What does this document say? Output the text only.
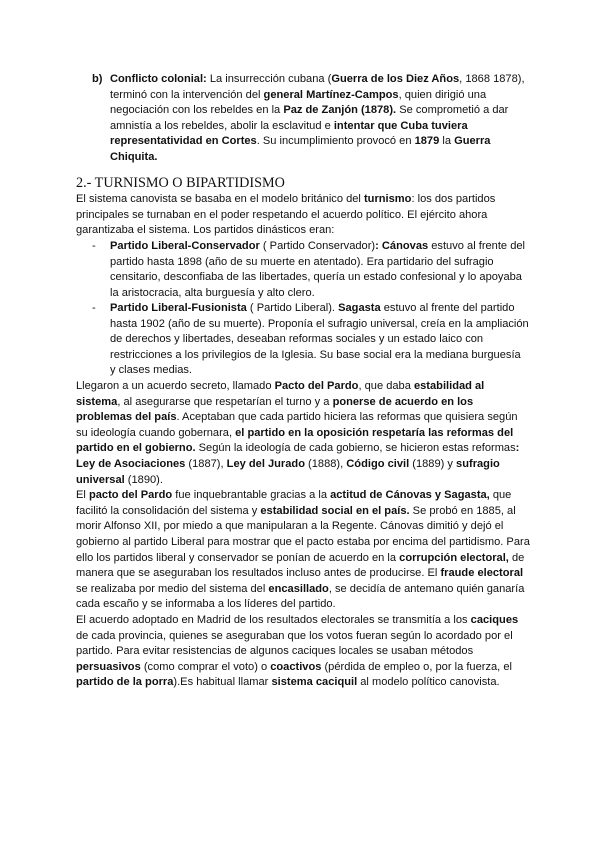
b) Conflicto colonial: La insurrección cubana (Guerra de los Diez Años, 1868 1878),
terminó con la intervención del general Martínez-Campos, quien dirigió una
negociación con los rebeldes en la Paz de Zanjón (1878). Se comprometió a dar
amnistía a los rebeldes, abolir la esclavitud e intentar que Cuba tuviera
representatividad en Cortes. Su incumplimiento provocó en 1879 la Guerra
Chiquita.
2.- TURNISMO O BIPARTIDISMO
El sistema canovista se basaba en el modelo británico del turnismo: los dos partidos
principales se turnaban en el poder respetando el acuerdo político. El ejército ahora
garantizaba el sistema. Los partidos dinásticos eran:
- Partido Liberal-Conservador ( Partido Conservador): Cánovas estuvo al frente del
partido hasta 1898 (año de su muerte en atentado). Era partidario del sufragio
censitario, desconfiaba de las libertades, quería un estado confesional y lo apoyaba
la aristocracia, alta burguesía y alto clero.
- Partido Liberal-Fusionista ( Partido Liberal). Sagasta estuvo al frente del partido
hasta 1902 (año de su muerte). Proponía el sufragio universal, creía en la ampliación
de derechos y libertades, deseaban reformas sociales y un estado laico con
restricciones a los privilegios de la Iglesia. Su base social era la mediana burguesía
y clases medias.
Llegaron a un acuerdo secreto, llamado Pacto del Pardo, que daba estabilidad al
sistema, al asegurarse que respetarían el turno y a ponerse de acuerdo en los
problemas del país. Aceptaban que cada partido hiciera las reformas que quisiera según
su ideología cuando gobernara, el partido en la oposición respetaría las reformas del
partido en el gobierno. Según la ideología de cada gobierno, se hicieron estas reformas:
Ley de Asociaciones (1887), Ley del Jurado (1888), Código civil (1889) y sufragio
universal (1890).
El pacto del Pardo fue inquebrantable gracias a la actitud de Cánovas y Sagasta, que
facilitó la consolidación del sistema y estabilidad social en el país. Se probó en 1885, al
morir Alfonso XII, por miedo a que manipularan a la Regente. Cánovas dimitió y dejó el
gobierno al partido Liberal para mostrar que el pacto estaba por encima del partidismo. Para
ello los partidos liberal y conservador se ponían de acuerdo en la corrupción electoral, de
manera que se aseguraban los resultados incluso antes de producirse. El fraude electoral
se realizaba por medio del sistema del encasillado, se decidía de antemano quién ganaría
cada escaño y se informaba a los líderes del partido.
El acuerdo adoptado en Madrid de los resultados electorales se transmitía a los caciques
de cada provincia, quienes se aseguraban que los votos fueran según lo acordado por el
partido. Para evitar resistencias de algunos caciques locales se usaban métodos
persuasivos (como comprar el voto) o coactivos (pérdida de empleo o, por la fuerza, el
partido de la porra).Es habitual llamar sistema caciquil al modelo político canovista.
